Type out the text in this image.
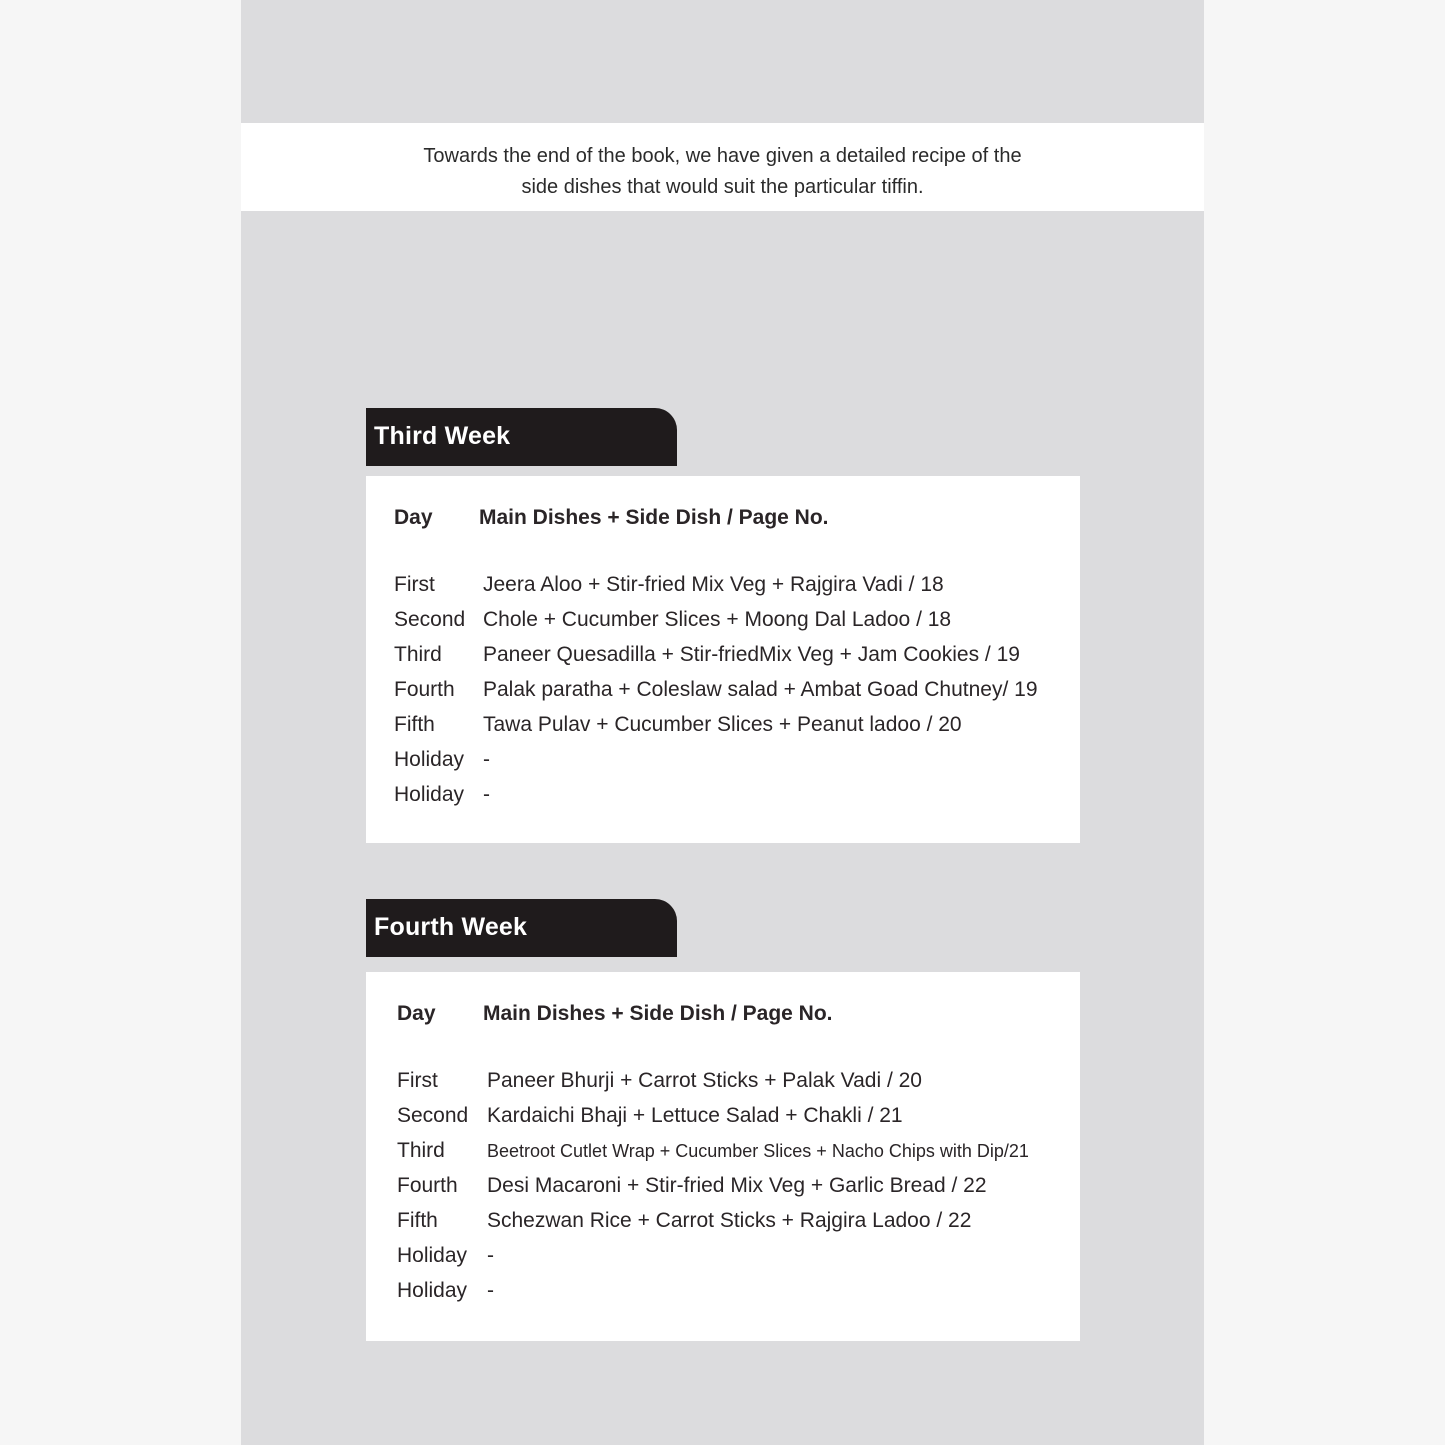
Towards the end of the book, we have given a detailed recipe of the
side dishes that would suit the particular tiffin.

Third Week
Day Main Dishes + Side Dish / Page No.
First Jeera Aloo + Stir-fried Mix Veg + Rajgira Vadi / 18
Second Chole + Cucumber Slices + Moong Dal Ladoo / 18
Third Paneer Quesadilla + Stir-friedMix Veg + Jam Cookies / 19
Fourth Palak paratha + Coleslaw salad + Ambat Goad Chutney/ 19
Fifth Tawa Pulav + Cucumber Slices + Peanut ladoo / 20
Holiday -
Holiday -
Fourth Week
Day Main Dishes + Side Dish / Page No.
First Paneer Bhurji + Carrot Sticks + Palak Vadi / 20
Second Kardaichi Bhaji + Lettuce Salad + Chakli / 21
Third Beetroot Cutlet Wrap + Cucumber Slices + Nacho Chips with Dip/21
Fourth Desi Macaroni + Stir-fried Mix Veg + Garlic Bread / 22
Fifth Schezwan Rice + Carrot Sticks + Rajgira Ladoo / 22
Holiday -
Holiday -
